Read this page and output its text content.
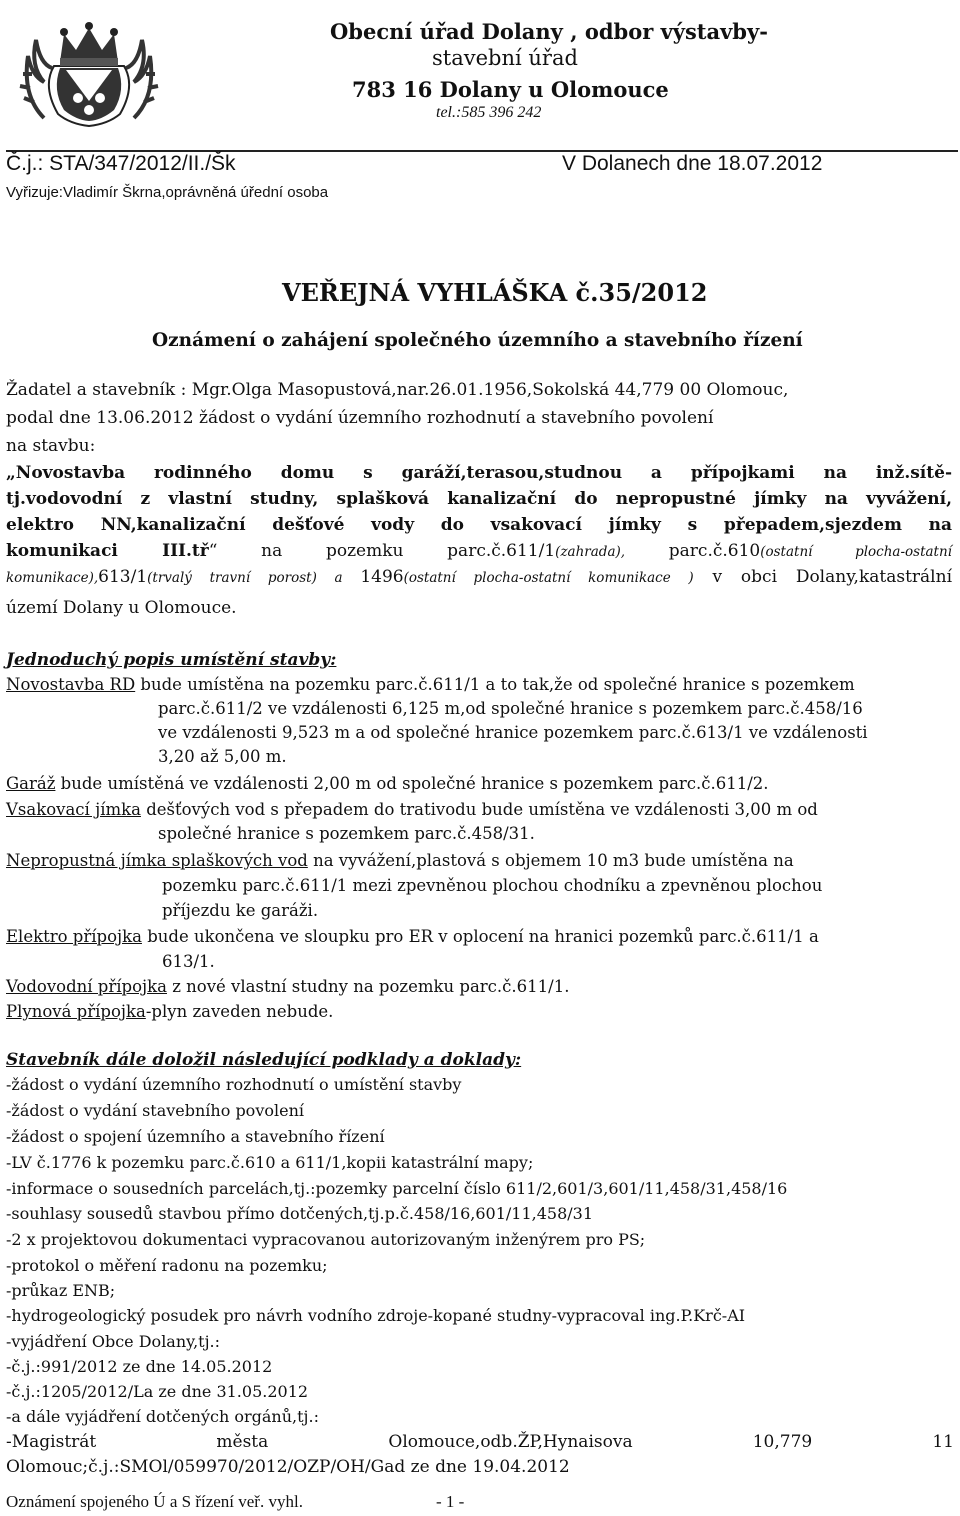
Obecní úřad Dolany , odbor výstavby-
stavební úřad
783 16 Dolany u Olomouce
tel.:585 396 242
Č.j.: STA/347/2012/II./Šk	V Dolanech dne 18.07.2012
Vyřizuje:Vladimír Škrna,oprávněná úřední osoba
VEŘEJNÁ VYHLÁŠKA č.35/2012
Oznámení o zahájení společného územního a stavebního řízení
Žadatel a stavebník : Mgr.Olga Masopustová,nar.26.01.1956,Sokolská 44,779 00 Olomouc,
podal dne 13.06.2012 žádost o vydání územního rozhodnutí a stavebního povolení
na stavbu:
„Novostavba rodinného domu s garáží,terasou,studnou a přípojkami na inž.sítě-
tj.vodovodní z vlastní studny, splašková kanalizační do nepropustné jímky na vyvážení,
elektro NN,kanalizační dešťové vody do vsakovací jímky s přepadem,sjezdem na
komunikaci III.tř“ na pozemku parc.č.611/1(zahrada), parc.č.610(ostatní plocha-ostatní
komunikace),613/1(trvalý travní porost) a 1496(ostatní plocha-ostatní komunikace ) v obci Dolany,katastrální
území Dolany u Olomouce.
Jednoduchý popis umístění stavby:
Novostavba RD bude umístěna na pozemku parc.č.611/1 a to tak,že od společné hranice s pozemkem
parc.č.611/2 ve vzdálenosti 6,125 m,od společné hranice s pozemkem parc.č.458/16
ve vzdálenosti 9,523 m a od společné hranice pozemkem parc.č.613/1 ve vzdálenosti
3,20 až 5,00 m.
Garáž bude umístěná ve vzdálenosti 2,00 m od společné hranice s pozemkem parc.č.611/2.
Vsakovací jímka dešťových vod s přepadem do trativodu bude umístěna ve vzdálenosti 3,00 m od
společné hranice s pozemkem parc.č.458/31.
Nepropustná jímka splaškových vod na vyvážení,plastová s objemem 10 m3 bude umístěna na
pozemku parc.č.611/1 mezi zpevněnou plochou chodníku a zpevněnou plochou
příjezdu ke garáži.
Elektro přípojka bude ukončena ve sloupku pro ER v oplocení na hranici pozemků parc.č.611/1 a
613/1.
Vodovodní přípojka z nové vlastní studny na pozemku parc.č.611/1.
Plynová přípojka-plyn zaveden nebude.
Stavebník dále doložil následující podklady a doklady:
-žádost o vydání územního rozhodnutí o umístění stavby
-žádost o vydání stavebního povolení
-žádost o spojení územního a stavebního řízení
-LV č.1776 k pozemku parc.č.610 a 611/1,kopii katastrální mapy;
-informace o sousedních parcelách,tj.:pozemky parcelní číslo 611/2,601/3,601/11,458/31,458/16
-souhlasy sousedů stavbou přímo dotčených,tj.p.č.458/16,601/11,458/31
-2 x projektovou dokumentaci vypracovanou autorizovaným inženýrem pro PS;
-protokol o měření radonu na pozemku;
-průkaz ENB;
-hydrogeologický posudek pro návrh vodního zdroje-kopané studny-vypracoval ing.P.Krč-AI
-vyjádření Obce Dolany,tj.:
-č.j.:991/2012 ze dne 14.05.2012
-č.j.:1205/2012/La ze dne 31.05.2012
-a dále vyjádření dotčených orgánů,tj.:
-Magistrát	města	Olomouce,odb.ŽP,Hynaisova	10,779	11
Olomouc;č.j.:SMOl/059970/2012/OZP/OH/Gad ze dne 19.04.2012
Oznámení spojeného Ú a S řízení veř. vyhl.	- 1 -
